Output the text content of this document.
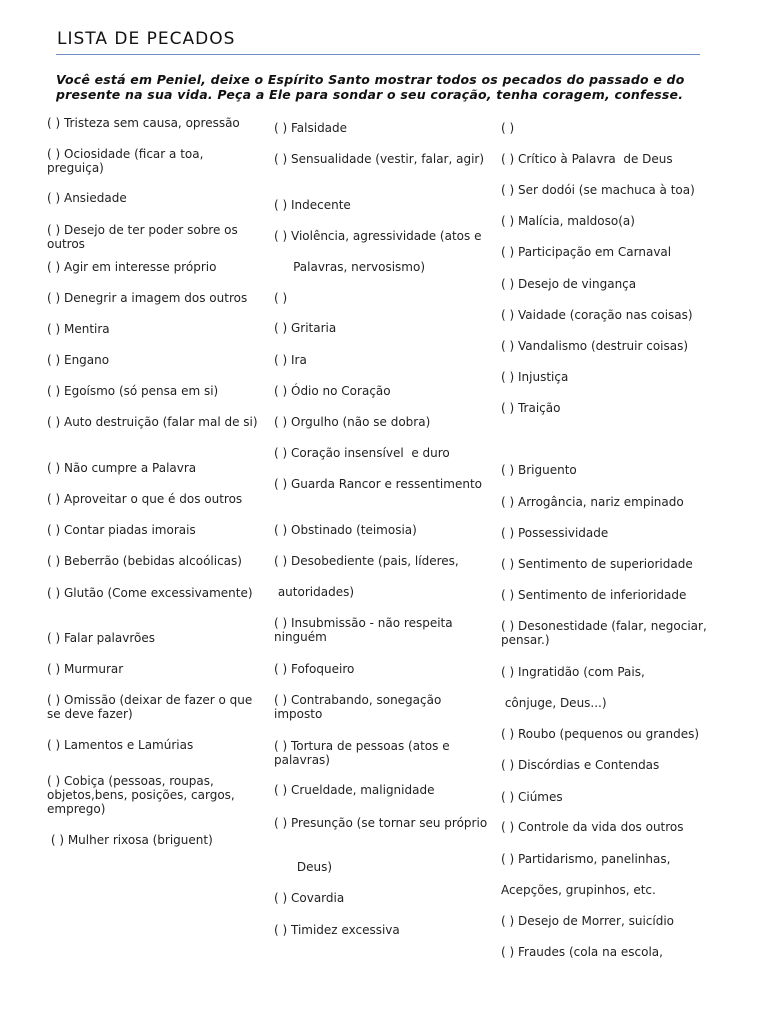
LISTA DE PECADOS
Você está em Peniel, deixe o Espírito Santo mostrar todos os pecados do passado e do presente na sua vida. Peça a Ele para sondar o seu coração, tenha coragem, confesse.
( ) Tristeza sem causa, opressão
( ) Ociosidade (ficar a toa, preguiça)
( ) Ansiedade
( ) Desejo de ter poder sobre os outros
( ) Agir em interesse próprio
( ) Denegrir a imagem dos outros
( ) Mentira
( ) Engano
( ) Egoísmo (só pensa em si)
( ) Auto destruição (falar mal de si)
( ) Não cumpre a Palavra
( ) Aproveitar o que é dos outros
( ) Contar piadas imorais
( ) Beberrão (bebidas alcoólicas)
( ) Glutão (Come excessivamente)
( ) Falar palavrões
( ) Murmurar
( ) Omissão (deixar de fazer o que se deve fazer)
( ) Lamentos e Lamúrias
( ) Cobiça (pessoas, roupas, objetos,bens, posições, cargos, emprego)
( ) Mulher rixosa (briguent)
( ) Falsidade
( ) Sensualidade (vestir, falar, agir)
( ) Indecente
( ) Violência, agressividade (atos e
Palavras, nervosismo)
( )
( ) Gritaria
( ) Ira
( ) Ódio no Coração
( ) Orgulho (não se dobra)
( ) Coração insensível  e duro
( ) Guarda Rancor e ressentimento
( ) Obstinado (teimosia)
( ) Desobediente (pais, líderes,
autoridades)
( ) Insubmissão - não respeita ninguém
( ) Fofoqueiro
( ) Contrabando, sonegação imposto
( ) Tortura de pessoas (atos e palavras)
( ) Crueldade, malignidade
( ) Presunção (se tornar seu próprio
Deus)
( ) Covardia
( ) Timidez excessiva
( )
( ) Crítico à Palavra  de Deus
( ) Ser dodói (se machuca à toa)
( ) Malícia, maldoso(a)
( ) Participação em Carnaval
( ) Desejo de vingança
( ) Vaidade (coração nas coisas)
( ) Vandalismo (destruir coisas)
( ) Injustiça
( ) Traição
( ) Briguento
( ) Arrogância, nariz empinado
( ) Possessividade
( ) Sentimento de superioridade
( ) Sentimento de inferioridade
( ) Desonestidade (falar, negociar, pensar.)
( ) Ingratidão (com Pais,
cônjuge, Deus...)
( ) Roubo (pequenos ou grandes)
( ) Discórdias e Contendas
( ) Ciúmes
( ) Controle da vida dos outros
( ) Partidarismo, panelinhas,
Acepções, grupinhos, etc.
( ) Desejo de Morrer, suicídio
( ) Fraudes (cola na escola,
